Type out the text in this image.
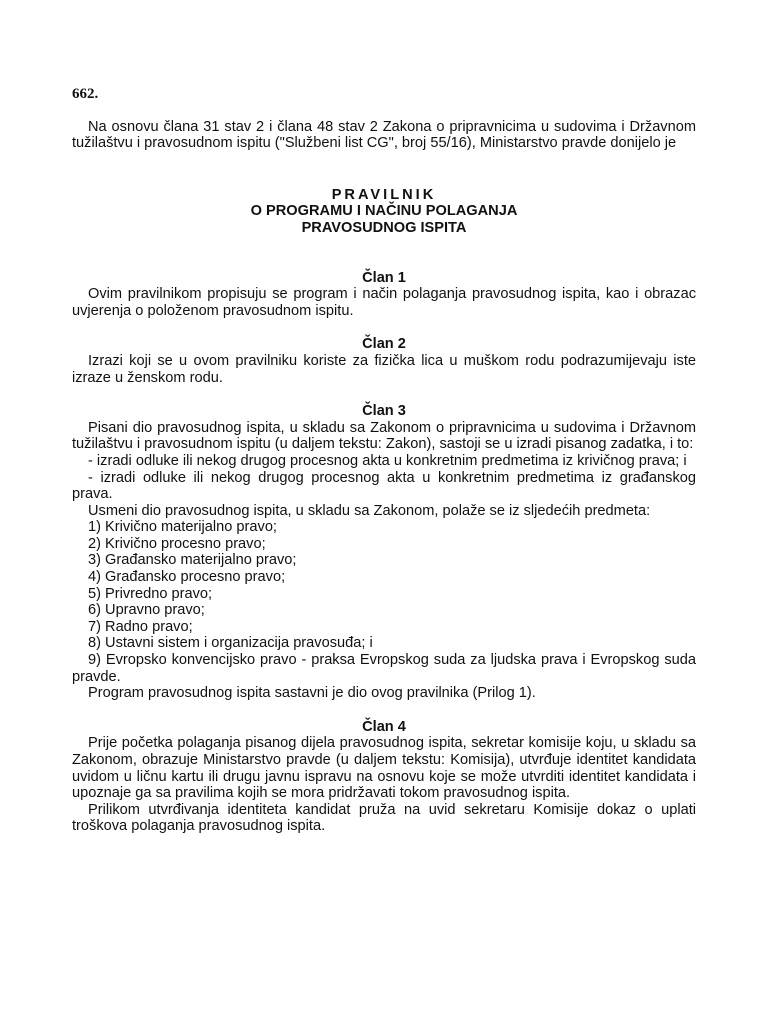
662.

Na osnovu člana 31 stav 2 i člana 48 stav 2 Zakona o pripravnicima u sudovima i Državnom tužilaštvu i pravosudnom ispitu ("Službeni list CG", broj 55/16), Ministarstvo pravde donijelo je

PRAVILNIK

O PROGRAMU I NAČINU POLAGANJA

PRAVOSUDNOG ISPITA

Član 1

Ovim pravilnikom propisuju se program i način polaganja pravosudnog ispita, kao i obrazac uvjerenja o položenom pravosudnom ispitu.

Član 2

Izrazi koji se u ovom pravilniku koriste za fizička lica u muškom rodu podrazumijevaju iste izraze u ženskom rodu.

Član 3

Pisani dio pravosudnog ispita, u skladu sa Zakonom o pripravnicima u sudovima i Državnom tužilaštvu i pravosudnom ispitu (u daljem tekstu: Zakon), sastoji se u izradi pisanog zadatka, i to:

- izradi odluke ili nekog drugog procesnog akta u konkretnim predmetima iz krivičnog prava; i

- izradi odluke ili nekog drugog procesnog akta u konkretnim predmetima iz građanskog prava.

Usmeni dio pravosudnog ispita, u skladu sa Zakonom, polaže se iz sljedećih predmeta:

1) Krivično materijalno pravo;

2) Krivično procesno pravo;

3) Građansko materijalno pravo;

4) Građansko procesno pravo;

5) Privredno pravo;

6) Upravno pravo;

7) Radno pravo;

8) Ustavni sistem i organizacija pravosuđa; i

9) Evropsko konvencijsko pravo - praksa Evropskog suda za ljudska prava i Evropskog suda pravde.

Program pravosudnog ispita sastavni je dio ovog pravilnika (Prilog 1).

Član 4

Prije početka polaganja pisanog dijela pravosudnog ispita, sekretar komisije koju, u skladu sa Zakonom, obrazuje Ministarstvo pravde (u daljem tekstu: Komisija), utvrđuje identitet kandidata uvidom u ličnu kartu ili drugu javnu ispravu na osnovu koje se može utvrditi identitet kandidata i upoznaje ga sa pravilima kojih se mora pridržavati tokom pravosudnog ispita.

Prilikom utvrđivanja identiteta kandidat pruža na uvid sekretaru Komisije dokaz o uplati troškova polaganja pravosudnog ispita.
